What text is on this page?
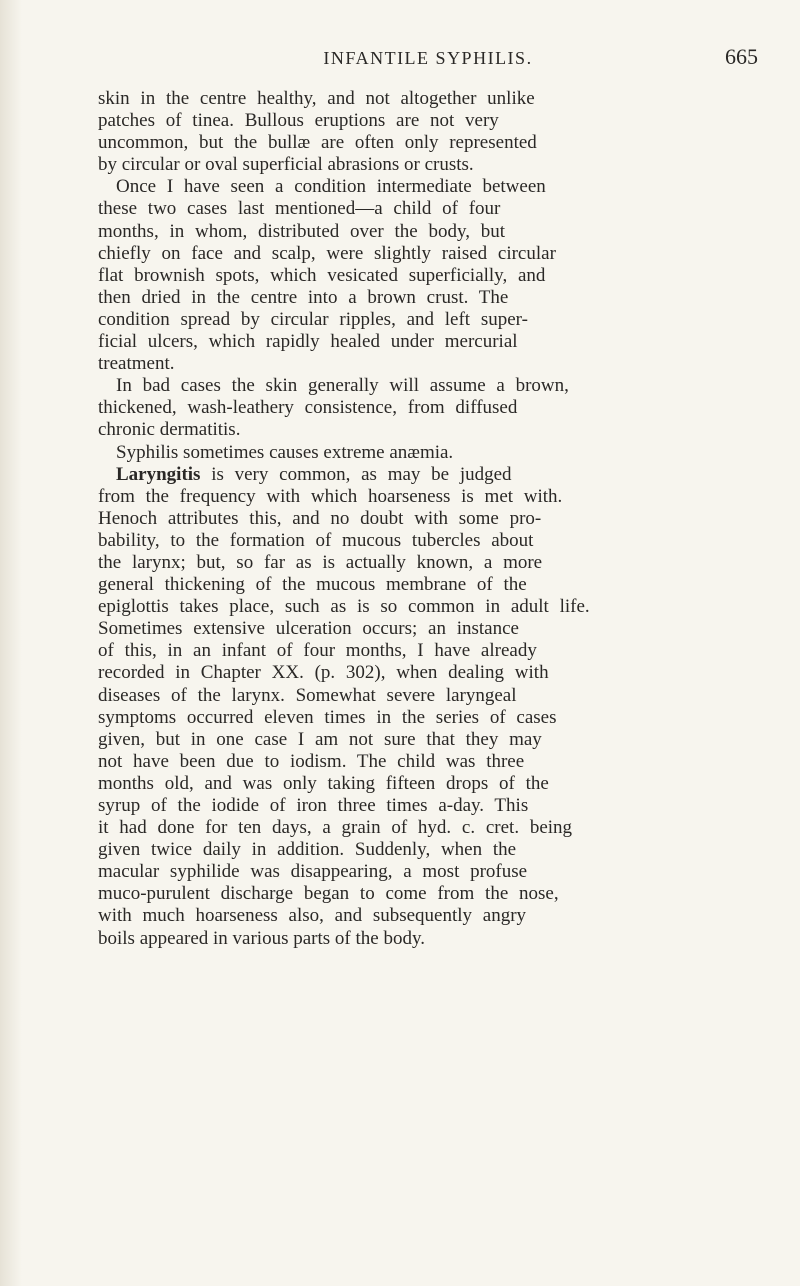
INFANTILE SYPHILIS.	665
skin in the centre healthy, and not altogether unlike
patches of tinea. Bullous eruptions are not very
uncommon, but the bullæ are often only represented
by circular or oval superficial abrasions or crusts.
Once I have seen a condition intermediate between
these two cases last mentioned—a child of four
months, in whom, distributed over the body, but
chiefly on face and scalp, were slightly raised circular
flat brownish spots, which vesicated superficially, and
then dried in the centre into a brown crust. The
condition spread by circular ripples, and left super-
ficial ulcers, which rapidly healed under mercurial
treatment.
In bad cases the skin generally will assume a brown,
thickened, wash-leathery consistence, from diffused
chronic dermatitis.
Syphilis sometimes causes extreme anæmia.
Laryngitis is very common, as may be judged
from the frequency with which hoarseness is met with.
Henoch attributes this, and no doubt with some pro-
bability, to the formation of mucous tubercles about
the larynx; but, so far as is actually known, a more
general thickening of the mucous membrane of the
epiglottis takes place, such as is so common in adult life.
Sometimes extensive ulceration occurs; an instance
of this, in an infant of four months, I have already
recorded in Chapter XX. (p. 302), when dealing with
diseases of the larynx. Somewhat severe laryngeal
symptoms occurred eleven times in the series of cases
given, but in one case I am not sure that they may
not have been due to iodism. The child was three
months old, and was only taking fifteen drops of the
syrup of the iodide of iron three times a-day. This
it had done for ten days, a grain of hyd. c. cret. being
given twice daily in addition. Suddenly, when the
macular syphilide was disappearing, a most profuse
muco-purulent discharge began to come from the nose,
with much hoarseness also, and subsequently angry
boils appeared in various parts of the body.
